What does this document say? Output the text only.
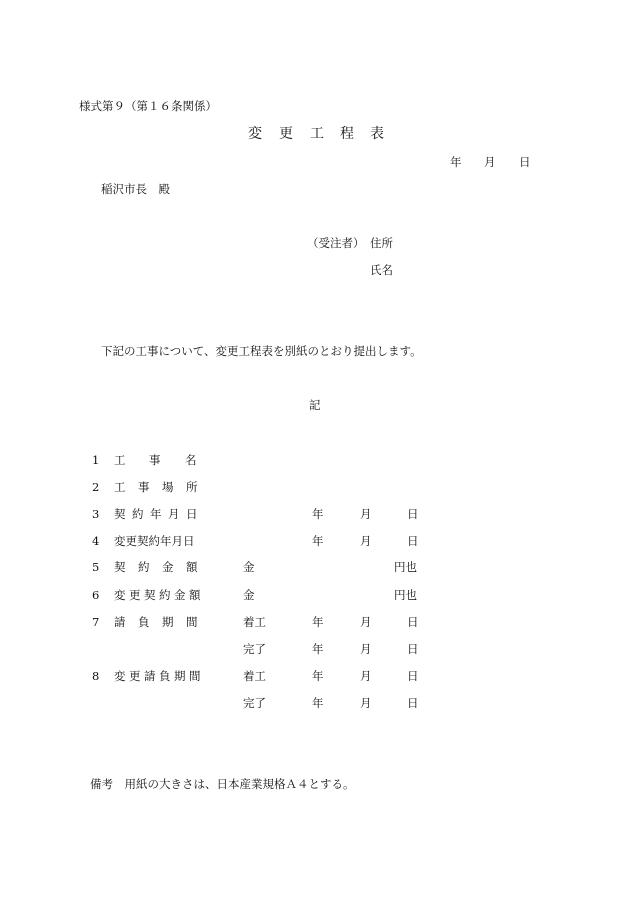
様式第９（第１６条関係）
変 更 工 程 表
年 月 日
稲沢市長　殿
（受注者） 住所
氏名
下記の工事について、変更工程表を別紙のとおり提出します。
記
1 工 事 名
2 工 事 場 所
3 契 約 年 月 日	年	月	日
4 変更契約年月日	年	月	日
5 契 約 金 額	金	円也
6 変 更 契 約 金 額	金	円也
7 請 負 期 間	着工	年	月	日
完了	年	月	日
8 変 更 請 負 期 間	着工	年	月	日
完了	年	月	日
備考　用紙の大きさは、日本産業規格Ａ４とする。
